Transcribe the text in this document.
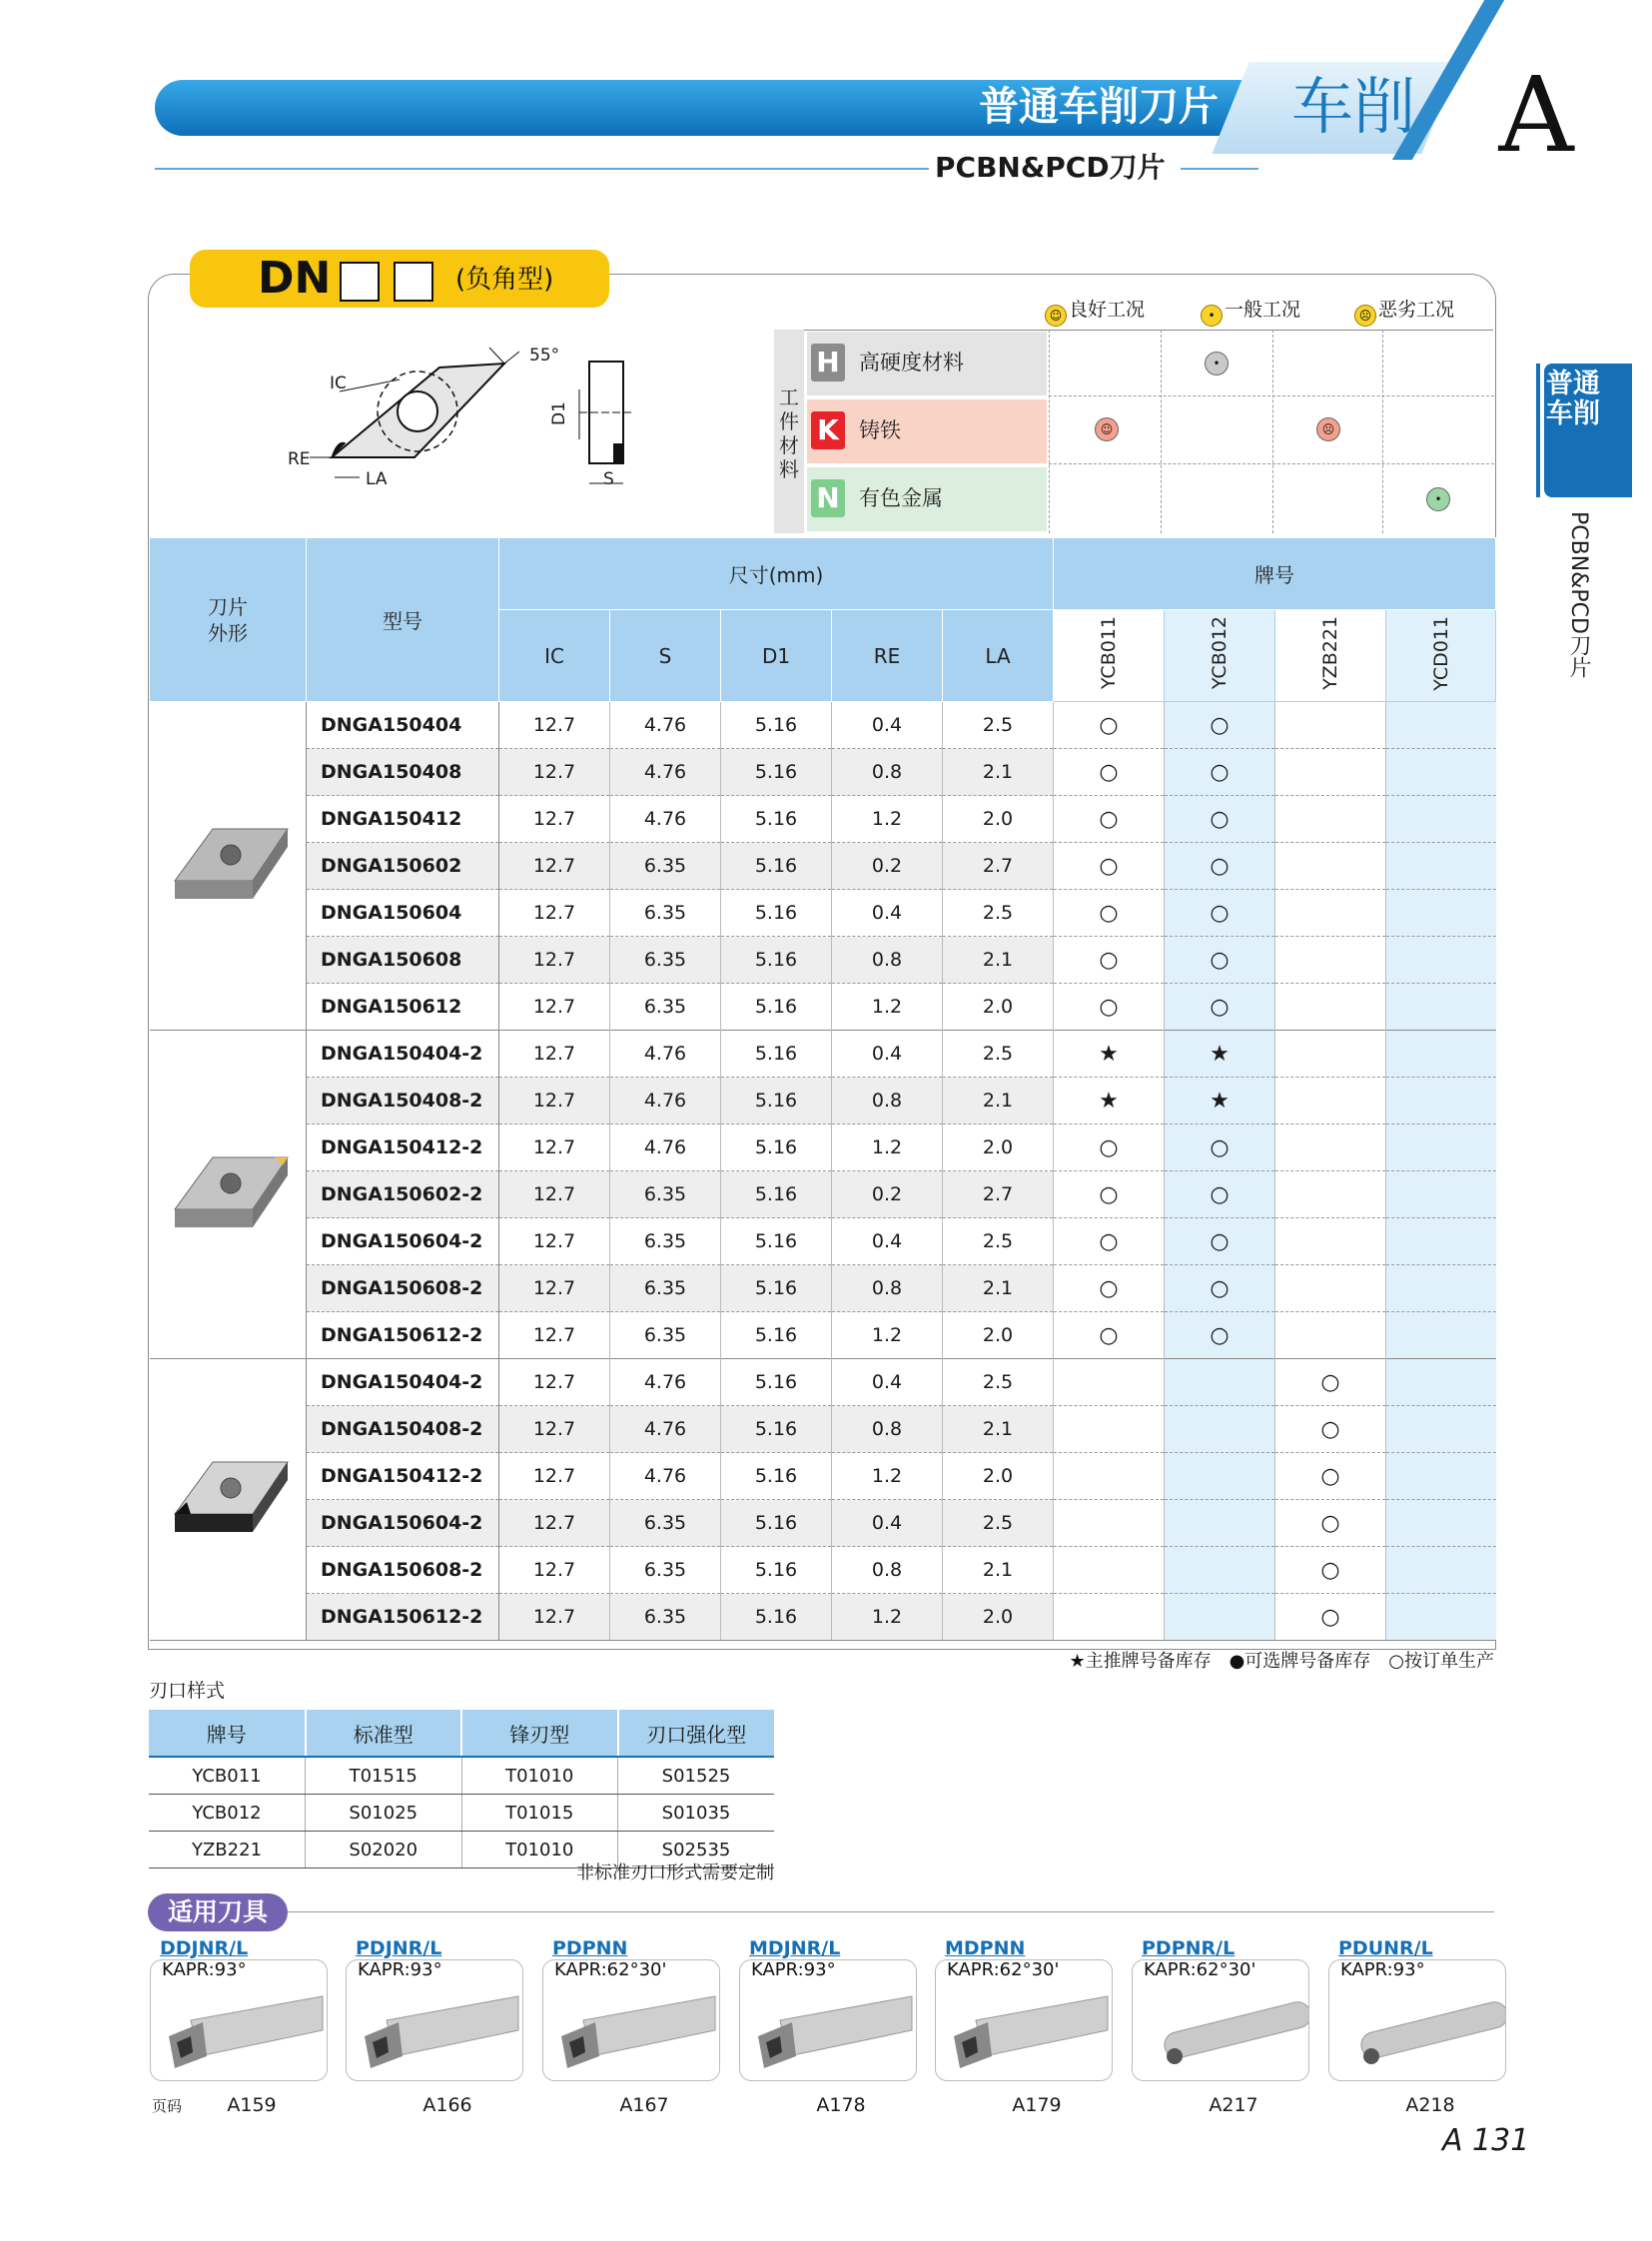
普通车削刀片	车削 A
PCBN&PCD刀片
普通车削
PCBN&PCD刀片
DN	(负角型)
55°
IC
RE
LA
D1
S
☺ 良好工况	• 一般工况	☹ 恶劣工况
工件材料
H 高硬度材料
K 铸铁
N 有色金属
•
☺	☹
•
刀片外形	型号	尺寸(mm)					牌号			
		IC	S	D1	RE	LA	YCB011	YCB012	YZB221	YCD011
	DNGA150404	12.7	4.76	5.16	0.4	2.5	○	○		
	DNGA150408	12.7	4.76	5.16	0.8	2.1	○	○		
	DNGA150412	12.7	4.76	5.16	1.2	2.0	○	○		
	DNGA150602	12.7	6.35	5.16	0.2	2.7	○	○		
	DNGA150604	12.7	6.35	5.16	0.4	2.5	○	○		
	DNGA150608	12.7	6.35	5.16	0.8	2.1	○	○		
	DNGA150612	12.7	6.35	5.16	1.2	2.0	○	○		
	DNGA150404-2	12.7	4.76	5.16	0.4	2.5	★	★		
	DNGA150408-2	12.7	4.76	5.16	0.8	2.1	★	★		
	DNGA150412-2	12.7	4.76	5.16	1.2	2.0	○	○		
	DNGA150602-2	12.7	6.35	5.16	0.2	2.7	○	○		
	DNGA150604-2	12.7	6.35	5.16	0.4	2.5	○	○		
	DNGA150608-2	12.7	6.35	5.16	0.8	2.1	○	○		
	DNGA150612-2	12.7	6.35	5.16	1.2	2.0	○	○		
	DNGA150404-2	12.7	4.76	5.16	0.4	2.5			○	
	DNGA150408-2	12.7	4.76	5.16	0.8	2.1			○	
	DNGA150412-2	12.7	4.76	5.16	1.2	2.0			○	
	DNGA150604-2	12.7	6.35	5.16	0.4	2.5			○	
	DNGA150608-2	12.7	6.35	5.16	0.8	2.1			○	
	DNGA150612-2	12.7	6.35	5.16	1.2	2.0			○	
★主推牌号备库存　●可选牌号备库存　○按订单生产
刃口样式
牌号	标准型	锋刃型	刃口强化型
YCB011	T01515	T01010	S01525
YCB012	S01025	T01015	S01035
YZB221	S02020	T01010	S02535
非标准刃口形式需要定制
适用刀具
DDJNR/L
KAPR:93°
A159
PDJNR/L
KAPR:93°
A166
PDPNN
KAPR:62°30'
A167
MDJNR/L
KAPR:93°
A178
MDPNN
KAPR:62°30'
A179
PDPNR/L
KAPR:62°30'
A217
PDUNR/L
KAPR:93°
A218
页码
A 131
